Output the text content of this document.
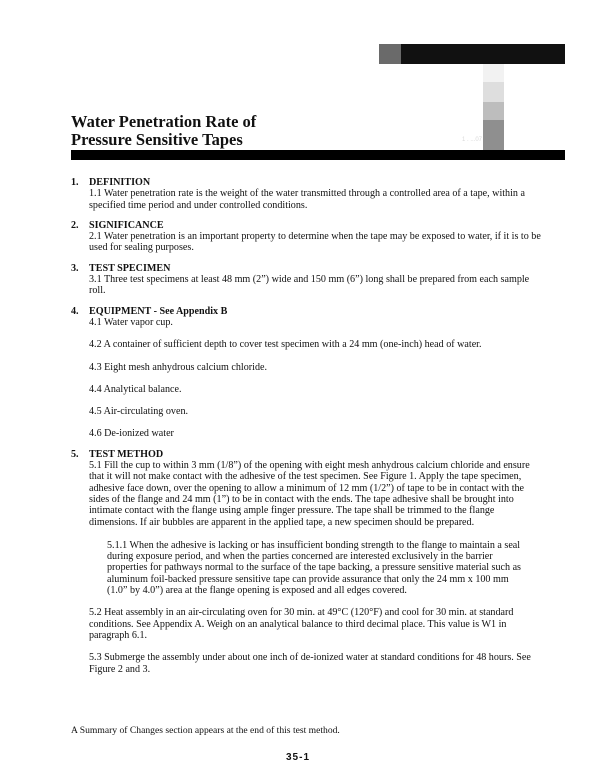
Water Penetration Rate of
Pressure Sensitive Tapes	1 . ...07
1.	DEFINITION
1.1 Water penetration rate is the weight of the water transmitted through a controlled area of a tape, within a specified time period and under controlled conditions.
2.	SIGNIFICANCE
2.1 Water penetration is an important property to determine when the tape may be exposed to water, if it is to be used for sealing purposes.
3.	TEST SPECIMEN
3.1 Three test specimens at least 48 mm (2”) wide and 150 mm (6”) long shall be prepared from each sample roll.
4.	EQUIPMENT - See Appendix B
4.1 Water vapor cup.
4.2 A container of sufficient depth to cover test specimen with a 24 mm (one-inch) head of water.
4.3 Eight mesh anhydrous calcium chloride.
4.4 Analytical balance.
4.5 Air-circulating oven.
4.6 De-ionized water
5.	TEST METHOD
5.1 Fill the cup to within 3 mm (1/8”) of the opening with eight mesh anhydrous calcium chloride and ensure that it will not make contact with the adhesive of the test specimen. See Figure 1. Apply the tape specimen, adhesive face down, over the opening to allow a minimum of 12 mm (1/2”) of tape to be in contact with the sides of the flange and 24 mm (1”) to be in contact with the ends. The tape adhesive shall be brought into intimate contact with the flange using ample finger pressure. The tape shall be trimmed to the flange dimensions. If air bubbles are apparent in the applied tape, a new specimen should be prepared.
5.1.1 When the adhesive is lacking or has insufficient bonding strength to the flange to maintain a seal during exposure period, and when the parties concerned are interested exclusively in the barrier properties for pathways normal to the surface of the tape backing, a pressure sensitive material such as aluminum foil-backed pressure sensitive tape can provide assurance that only the 24 mm x 100 mm (1.0” by 4.0”) area at the flange opening is exposed and all edges covered.
5.2 Heat assembly in an air-circulating oven for 30 min. at 49°C (120°F) and cool for 30 min. at standard conditions. See Appendix A. Weigh on an analytical balance to third decimal place. This value is W1 in paragraph 6.1.
5.3 Submerge the assembly under about one inch of de-ionized water at standard conditions for 48 hours. See Figure 2 and 3.
A Summary of Changes section appears at the end of this test method.
35-1
